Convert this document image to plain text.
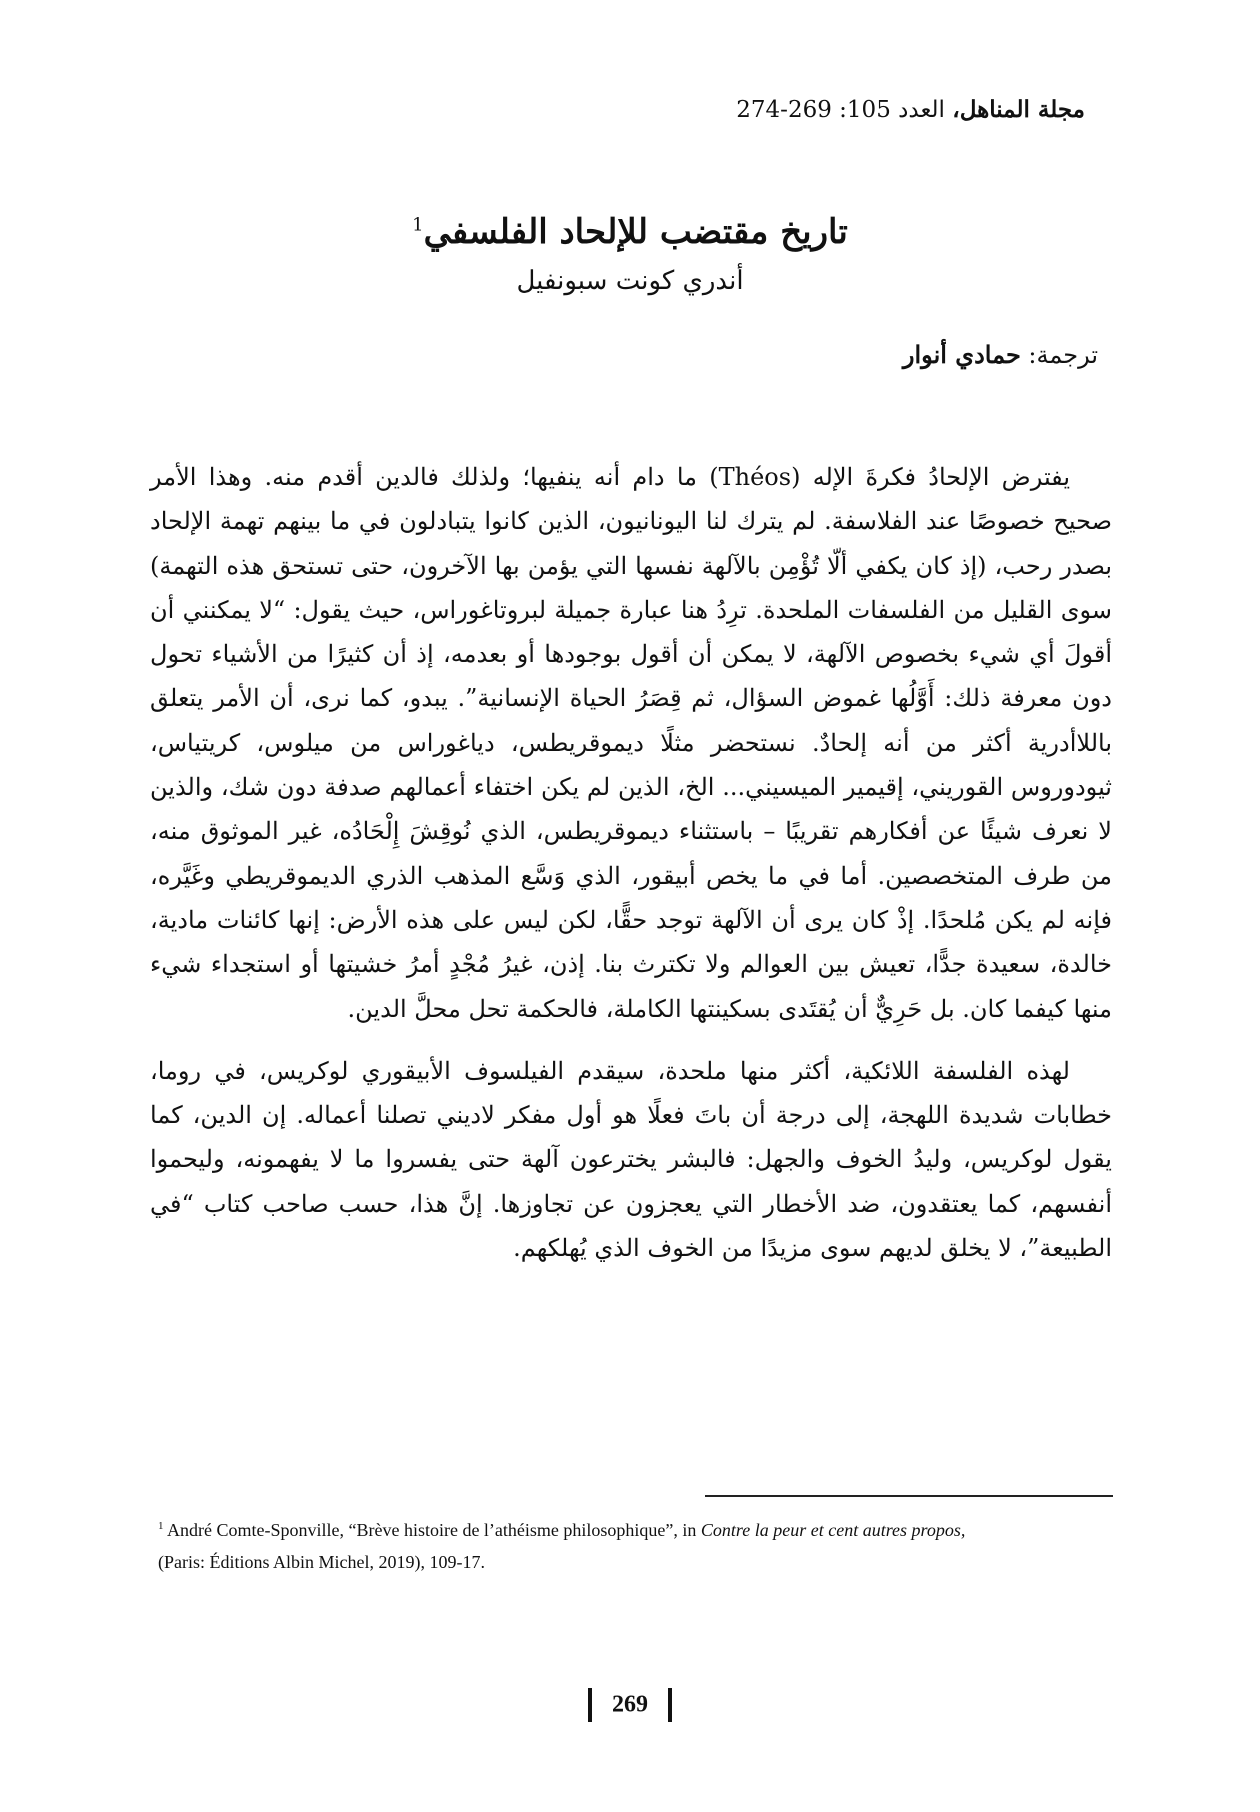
مجلة المناهل، العدد 105: 274-269
تاريخ مقتضب للإلحاد الفلسفي$^1$
أندري كونت سبونفيل
ترجمة: حمادي أنوار

يفترض الإلحادُ فكرةَ الإله (Théos) ما دام أنه ينفيها؛ ولذلك فالدين أقدم منه. وهذا الأمر صحيح خصوصًا عند الفلاسفة. لم يترك لنا اليونانيون، الذين كانوا يتبادلون في ما بينهم تهمة الإلحاد بصدر رحب، (إذ كان يكفي ألّا تُؤْمِن بالآلهة نفسها التي يؤمن بها الآخرون، حتى تستحق هذه التهمة) سوى القليل من الفلسفات الملحدة. ترِدُ هنا عبارة جميلة لبروتاغوراس، حيث يقول: “لا يمكنني أن أقولَ أي شيء بخصوص الآلهة، لا يمكن أن أقول بوجودها أو بعدمه، إذ أن كثيرًا من الأشياء تحول دون معرفة ذلك: أَوَّلُها غموض السؤال، ثم قِصَرُ الحياة الإنسانية”. يبدو، كما نرى، أن الأمر يتعلق باللاأدرية أكثر من أنه إلحادٌ. نستحضر مثلًا ديموقريطس، دياغوراس من ميلوس، كريتياس، ثيودوروس القوريني، إقيمير الميسيني... الخ، الذين لم يكن اختفاء أعمالهم صدفة دون شك، والذين لا نعرف شيئًا عن أفكارهم تقريبًا – باستثناء ديموقريطس، الذي نُوقِشَ إِلْحَادُه، غير الموثوق منه، من طرف المتخصصين. أما في ما يخص أبيقور، الذي وَسَّع المذهب الذري الديموقريطي وغَيَّره، فإنه لم يكن مُلحدًا. إذْ كان يرى أن الآلهة توجد حقًّا، لكن ليس على هذه الأرض: إنها كائنات مادية، خالدة، سعيدة جدًّا، تعيش بين العوالم ولا تكترث بنا. إذن، غيرُ مُجْدٍ أمرُ خشيتها أو استجداء شيء منها كيفما كان. بل حَرِيٌّ أن يُقتَدى بسكينتها الكاملة، فالحكمة تحل محلَّ الدين.

لهذه الفلسفة اللائكية، أكثر منها ملحدة، سيقدم الفيلسوف الأبيقوري لوكريس، في روما، خطابات شديدة اللهجة، إلى درجة أن باتَ فعلًا هو أول مفكر لاديني تصلنا أعماله. إن الدين، كما يقول لوكريس، وليدُ الخوف والجهل: فالبشر يخترعون آلهة حتى يفسروا ما لا يفهمونه، وليحموا أنفسهم، كما يعتقدون، ضد الأخطار التي يعجزون عن تجاوزها. إنَّ هذا، حسب صاحب كتاب “في الطبيعة”، لا يخلق لديهم سوى مزيدًا من الخوف الذي يُهلكهم.

$^1$ André Comte-Sponville, “Brève histoire de l’athéisme philosophique”, in Contre la peur et cent autres propos,
(Paris: Éditions Albin Michel, 2019), 109-17.
269
